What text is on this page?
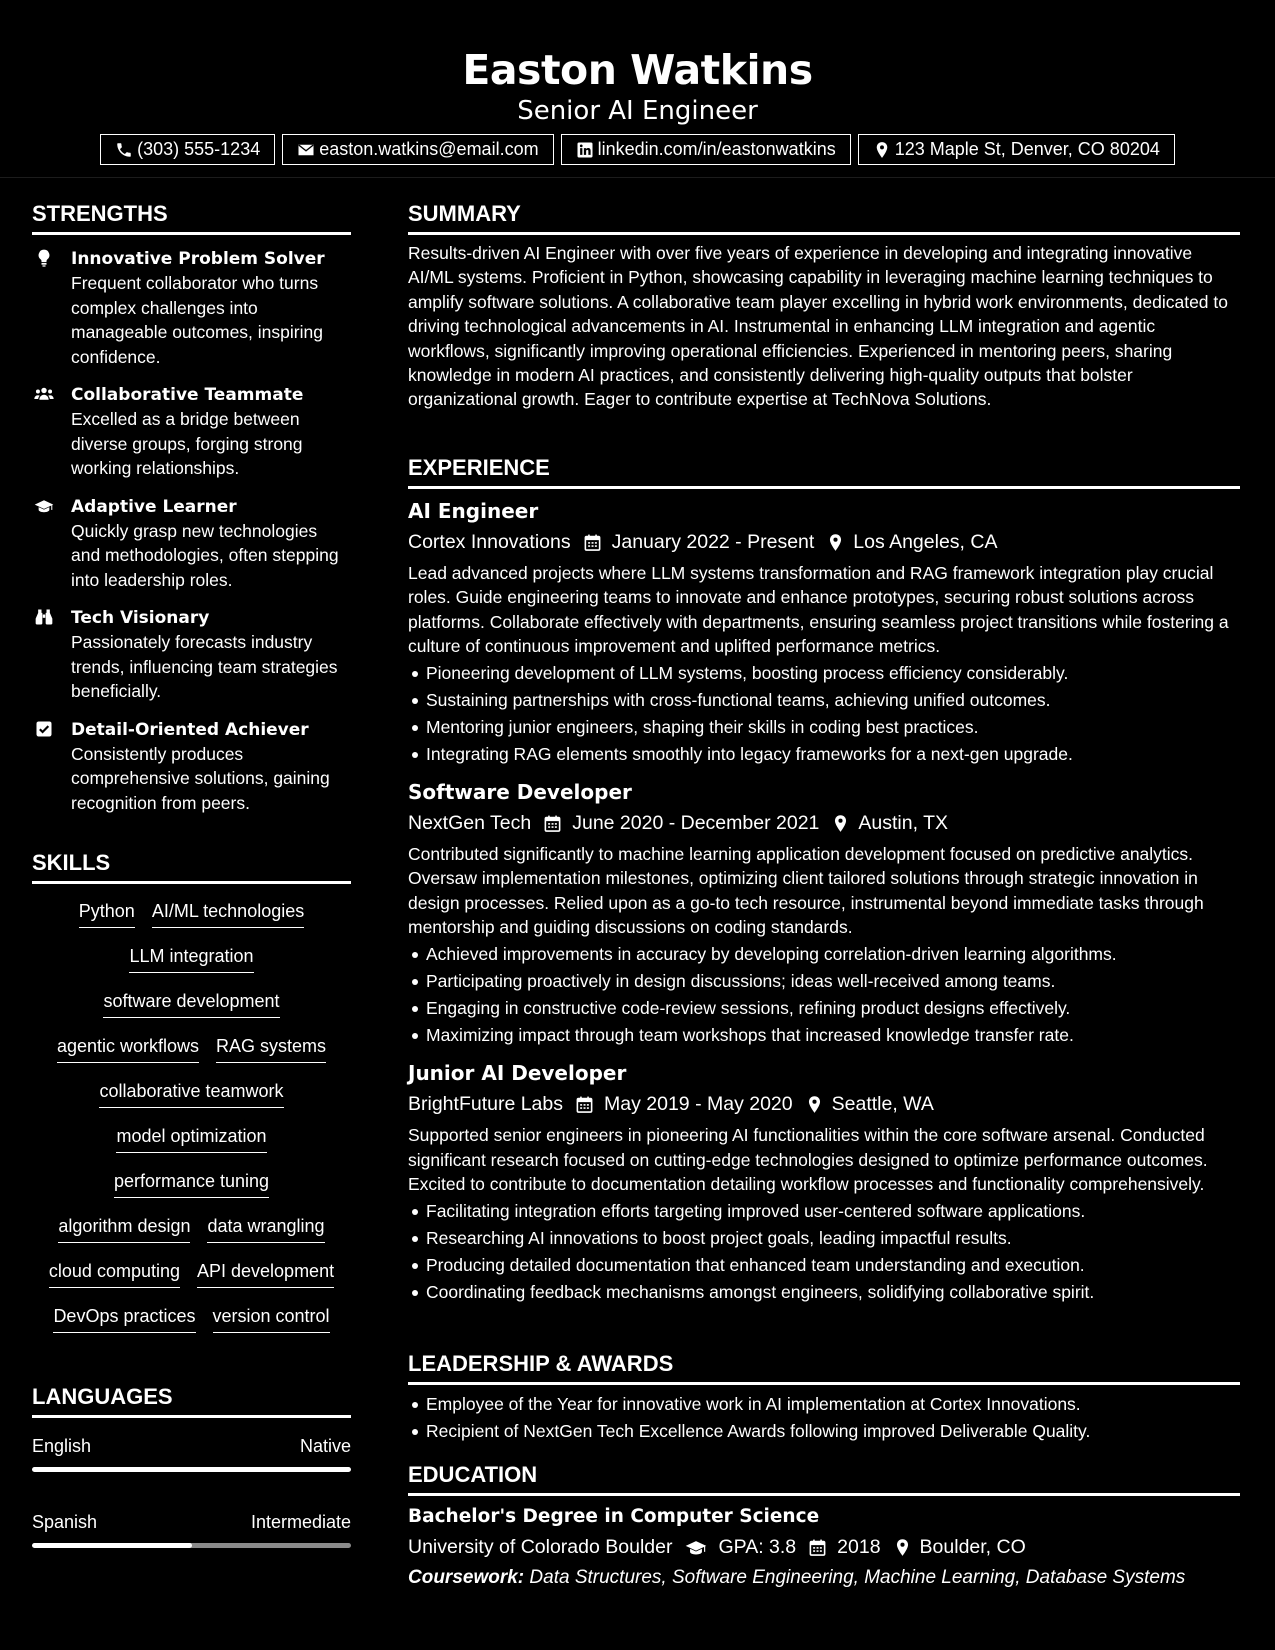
Easton Watkins
Senior AI Engineer
(303) 555-1234	easton.watkins@email.com	linkedin.com/in/eastonwatkins	123 Maple St, Denver, CO 80204
STRENGTHS
Innovative Problem Solver
Frequent collaborator who turns complex challenges into manageable outcomes, inspiring confidence.
Collaborative Teammate
Excelled as a bridge between diverse groups, forging strong working relationships.
Adaptive Learner
Quickly grasp new technologies and methodologies, often stepping into leadership roles.
Tech Visionary
Passionately forecasts industry trends, influencing team strategies beneficially.
Detail-Oriented Achiever
Consistently produces comprehensive solutions, gaining recognition from peers.
SKILLS
Python AI/ML technologies
LLM integration
software development
agentic workflows RAG systems
collaborative teamwork
model optimization
performance tuning
algorithm design data wrangling
cloud computing API development
DevOps practices version control
LANGUAGES
English	Native
Spanish	Intermediate
SUMMARY
Results-driven AI Engineer with over five years of experience in developing and integrating innovative AI/ML systems. Proficient in Python, showcasing capability in leveraging machine learning techniques to amplify software solutions. A collaborative team player excelling in hybrid work environments, dedicated to driving technological advancements in AI. Instrumental in enhancing LLM integration and agentic workflows, significantly improving operational efficiencies. Experienced in mentoring peers, sharing knowledge in modern AI practices, and consistently delivering high-quality outputs that bolster organizational growth. Eager to contribute expertise at TechNova Solutions.
EXPERIENCE
AI Engineer
Cortex Innovations January 2022 - Present Los Angeles, CA
Lead advanced projects where LLM systems transformation and RAG framework integration play crucial roles. Guide engineering teams to innovate and enhance prototypes, securing robust solutions across platforms. Collaborate effectively with departments, ensuring seamless project transitions while fostering a culture of continuous improvement and uplifted performance metrics.
Pioneering development of LLM systems, boosting process efficiency considerably.
Sustaining partnerships with cross-functional teams, achieving unified outcomes.
Mentoring junior engineers, shaping their skills in coding best practices.
Integrating RAG elements smoothly into legacy frameworks for a next-gen upgrade.
Software Developer
NextGen Tech June 2020 - December 2021 Austin, TX
Contributed significantly to machine learning application development focused on predictive analytics. Oversaw implementation milestones, optimizing client tailored solutions through strategic innovation in design processes. Relied upon as a go-to tech resource, instrumental beyond immediate tasks through mentorship and guiding discussions on coding standards.
Achieved improvements in accuracy by developing correlation-driven learning algorithms.
Participating proactively in design discussions; ideas well-received among teams.
Engaging in constructive code-review sessions, refining product designs effectively.
Maximizing impact through team workshops that increased knowledge transfer rate.
Junior AI Developer
BrightFuture Labs May 2019 - May 2020 Seattle, WA
Supported senior engineers in pioneering AI functionalities within the core software arsenal. Conducted significant research focused on cutting-edge technologies designed to optimize performance outcomes. Excited to contribute to documentation detailing workflow processes and functionality comprehensively.
Facilitating integration efforts targeting improved user-centered software applications.
Researching AI innovations to boost project goals, leading impactful results.
Producing detailed documentation that enhanced team understanding and execution.
Coordinating feedback mechanisms amongst engineers, solidifying collaborative spirit.
LEADERSHIP & AWARDS
Employee of the Year for innovative work in AI implementation at Cortex Innovations.
Recipient of NextGen Tech Excellence Awards following improved Deliverable Quality.
EDUCATION
Bachelor's Degree in Computer Science
University of Colorado Boulder GPA: 3.8 2018 Boulder, CO
Coursework: Data Structures, Software Engineering, Machine Learning, Database Systems
